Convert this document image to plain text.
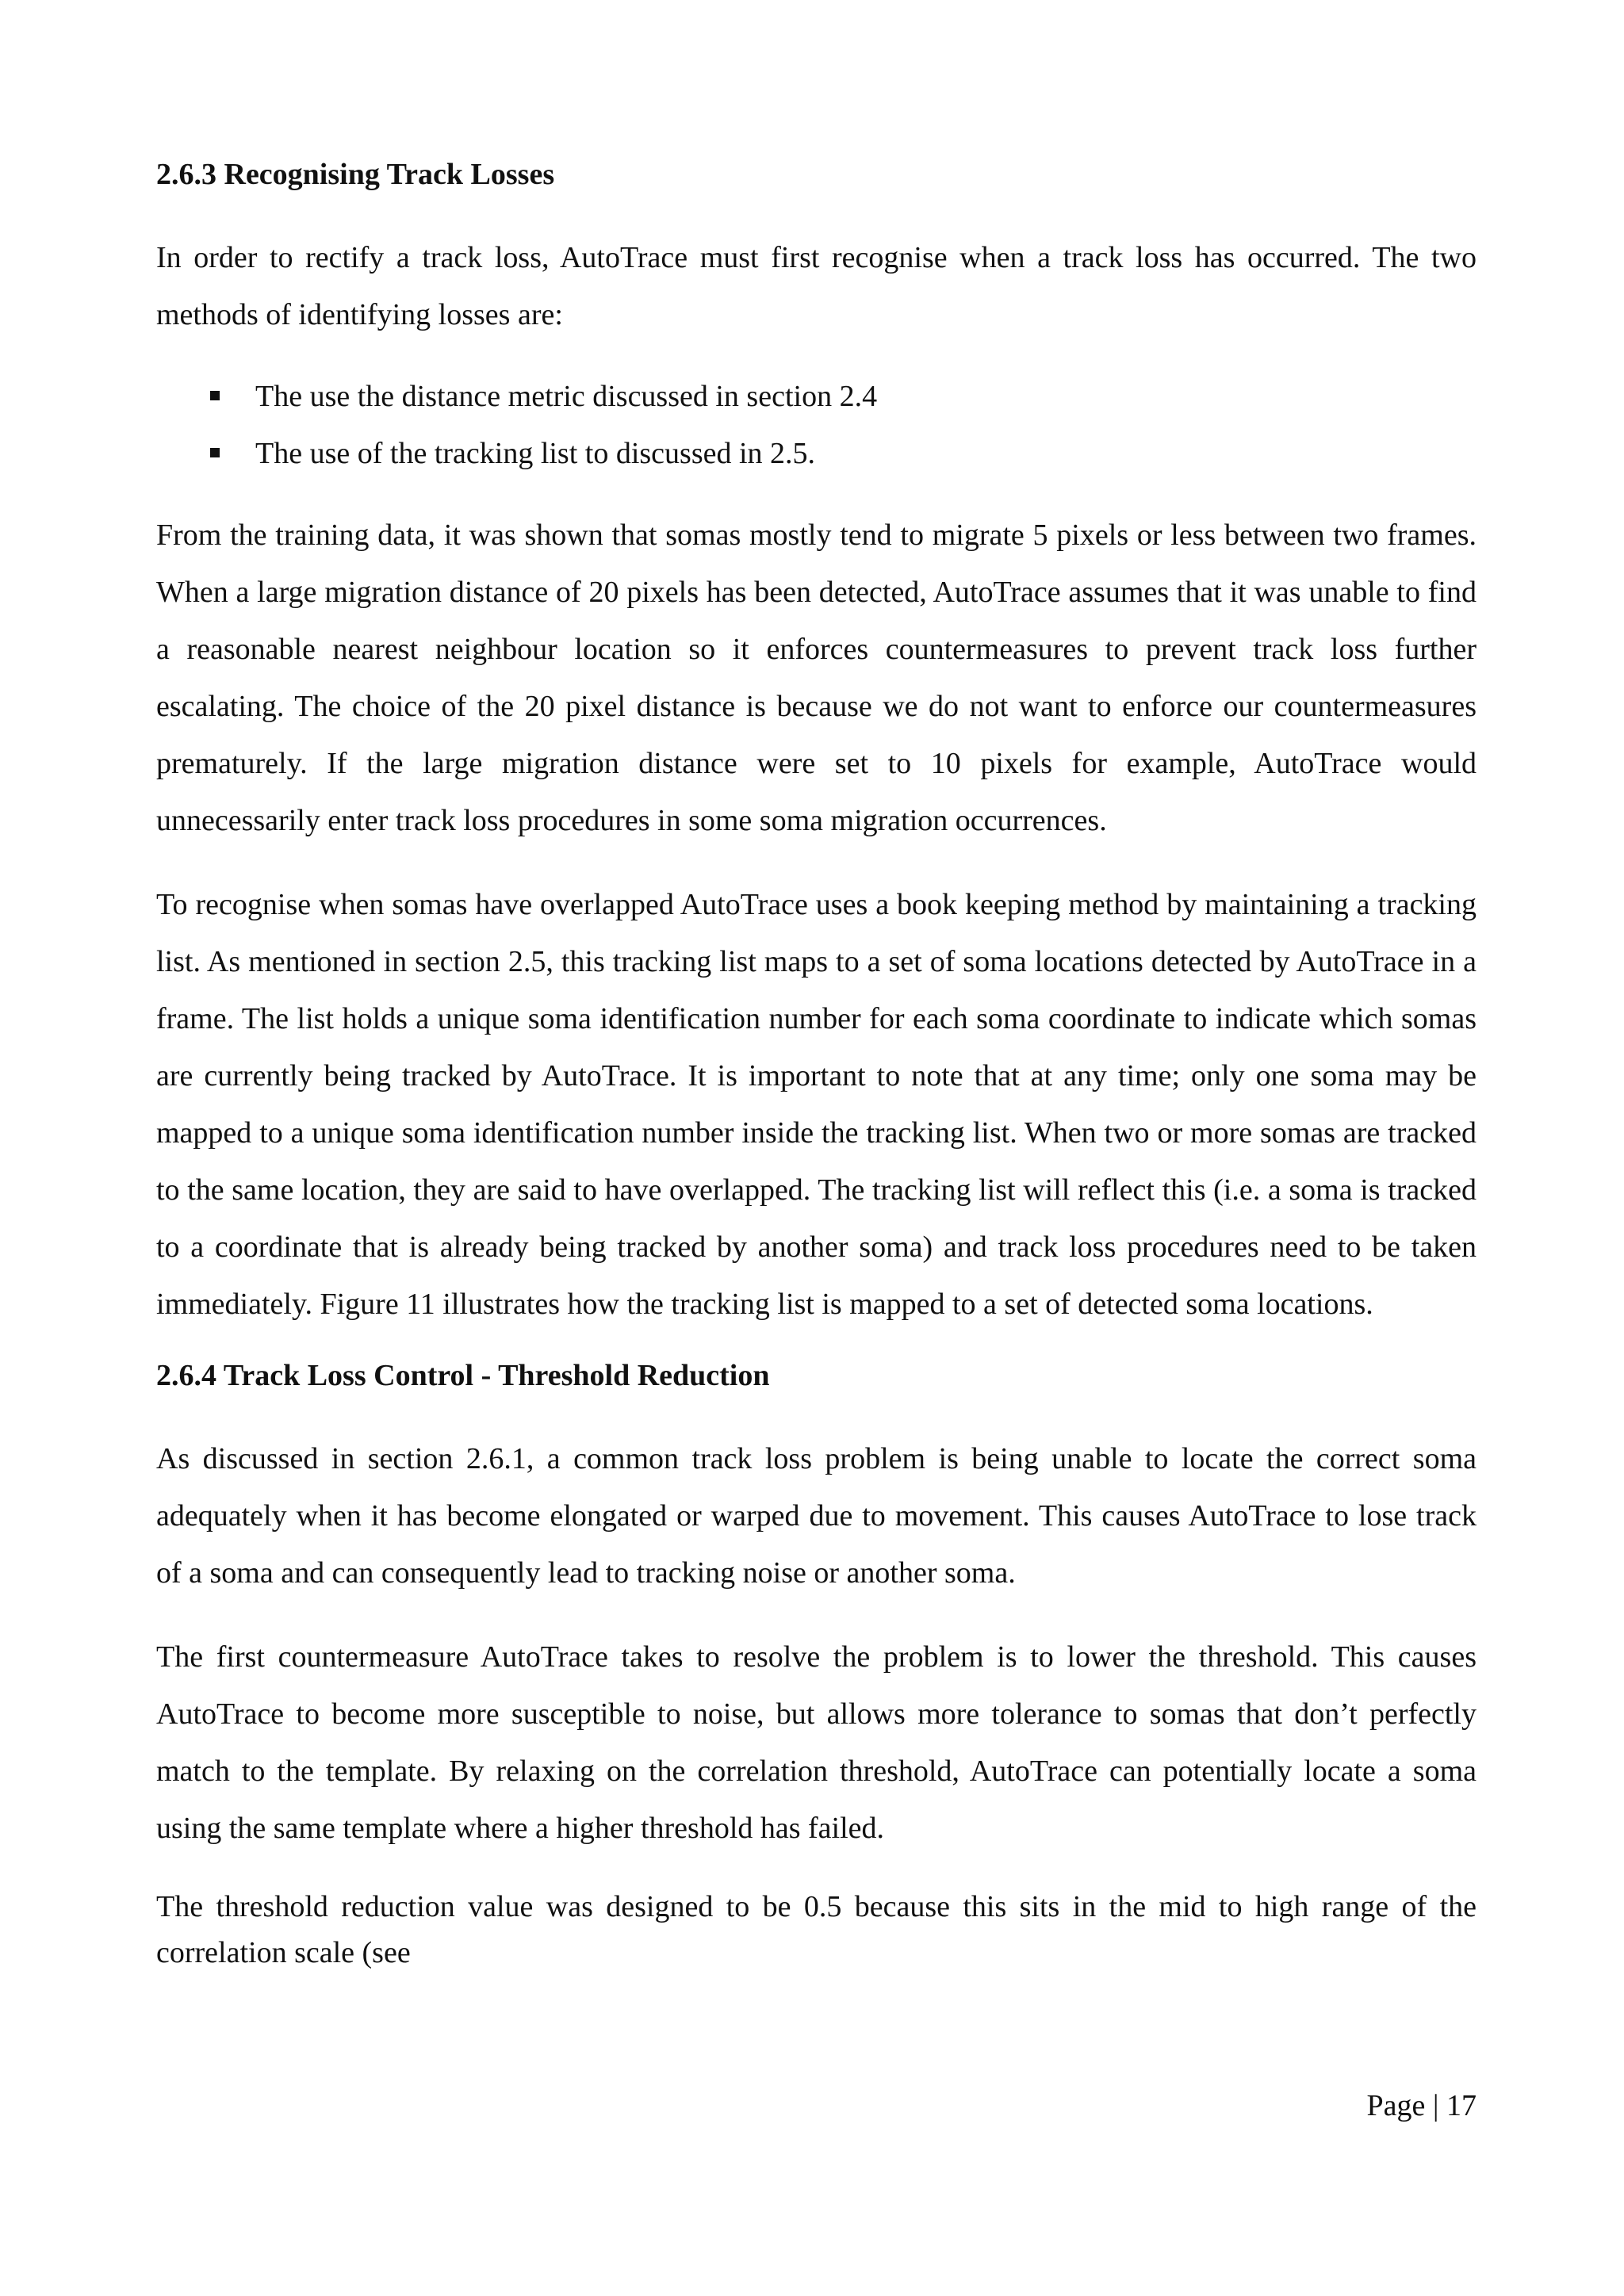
2.6.3 Recognising Track Losses

In order to rectify a track loss, AutoTrace must first recognise when a track loss has occurred. The two methods of identifying losses are:

The use the distance metric discussed in section 2.4
The use of the tracking list to discussed in 2.5.

From the training data, it was shown that somas mostly tend to migrate 5 pixels or less between two frames. When a large migration distance of 20 pixels has been detected, AutoTrace assumes that it was unable to find a reasonable nearest neighbour location so it enforces countermeasures to prevent track loss further escalating. The choice of the 20 pixel distance is because we do not want to enforce our countermeasures prematurely. If the large migration distance were set to 10 pixels for example, AutoTrace would unnecessarily enter track loss procedures in some soma migration occurrences.

To recognise when somas have overlapped AutoTrace uses a book keeping method by maintaining a tracking list. As mentioned in section 2.5, this tracking list maps to a set of soma locations detected by AutoTrace in a frame. The list holds a unique soma identification number for each soma coordinate to indicate which somas are currently being tracked by AutoTrace. It is important to note that at any time; only one soma may be mapped to a unique soma identification number inside the tracking list. When two or more somas are tracked to the same location, they are said to have overlapped. The tracking list will reflect this (i.e. a soma is tracked to a coordinate that is already being tracked by another soma) and track loss procedures need to be taken immediately. Figure 11 illustrates how the tracking list is mapped to a set of detected soma locations.

2.6.4 Track Loss Control - Threshold Reduction

As discussed in section 2.6.1, a common track loss problem is being unable to locate the correct soma adequately when it has become elongated or warped due to movement. This causes AutoTrace to lose track of a soma and can consequently lead to tracking noise or another soma.

The first countermeasure AutoTrace takes to resolve the problem is to lower the threshold. This causes AutoTrace to become more susceptible to noise, but allows more tolerance to somas that don’t perfectly match to the template. By relaxing on the correlation threshold, AutoTrace can potentially locate a soma using the same template where a higher threshold has failed.

The threshold reduction value was designed to be 0.5 because this sits in the mid to high range of the correlation scale (see

Page | 17
